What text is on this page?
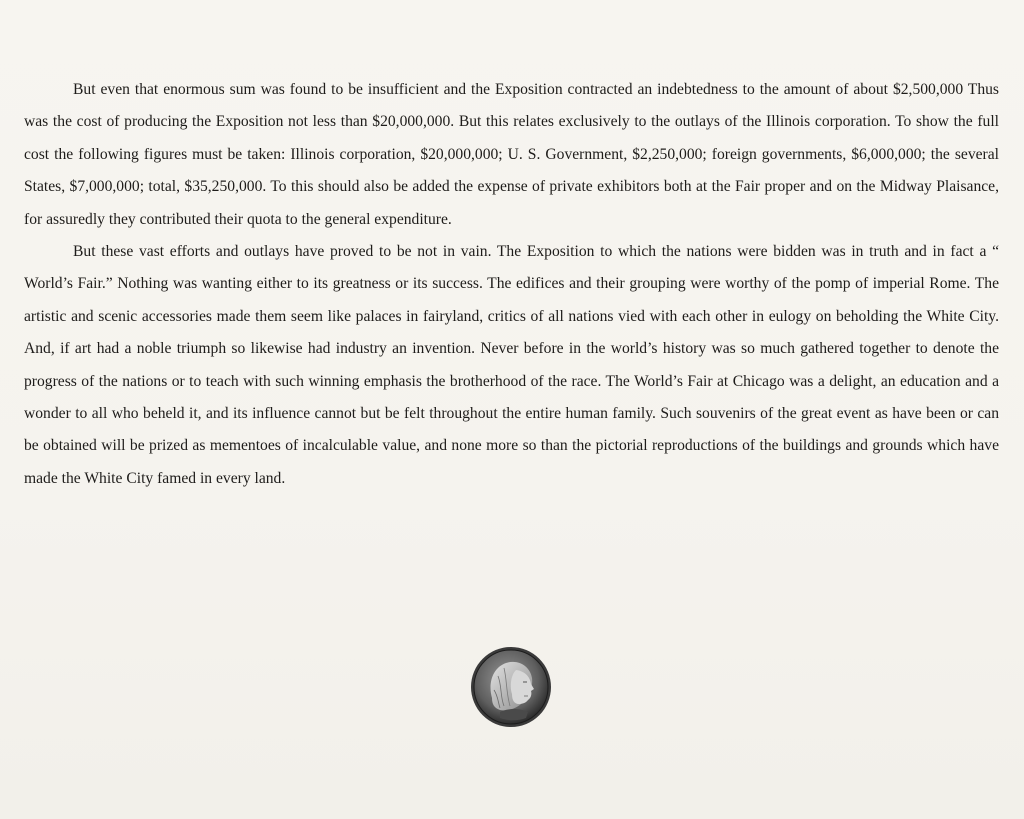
But even that enormous sum was found to be insufficient and the Exposition contracted an indebtedness to the amount of about $2,500,000 Thus was the cost of producing the Exposition not less than $20,000,000. But this relates exclusively to the outlays of the Illinois corporation. To show the full cost the following figures must be taken: Illinois corporation, $20,000,000; U. S. Government, $2,250,000; foreign governments, $6,000,000; the several States, $7,000,000; total, $35,250,000. To this should also be added the expense of private exhibitors both at the Fair proper and on the Midway Plaisance, for assuredly they contributed their quota to the general expenditure.

But these vast efforts and outlays have proved to be not in vain. The Exposition to which the nations were bidden was in truth and in fact a “ World’s Fair.” Nothing was wanting either to its greatness or its success. The edifices and their grouping were worthy of the pomp of imperial Rome. The artistic and scenic accessories made them seem like palaces in fairyland, critics of all nations vied with each other in eulogy on beholding the White City. And, if art had a noble triumph so likewise had industry an invention. Never before in the world’s history was so much gathered together to denote the progress of the nations or to teach with such winning emphasis the brotherhood of the race. The World’s Fair at Chicago was a delight, an education and a wonder to all who beheld it, and its influence cannot but be felt throughout the entire human family. Such souvenirs of the great event as have been or can be obtained will be prized as mementoes of incalculable value, and none more so than the pictorial reproductions of the buildings and grounds which have made the White City famed in every land.
